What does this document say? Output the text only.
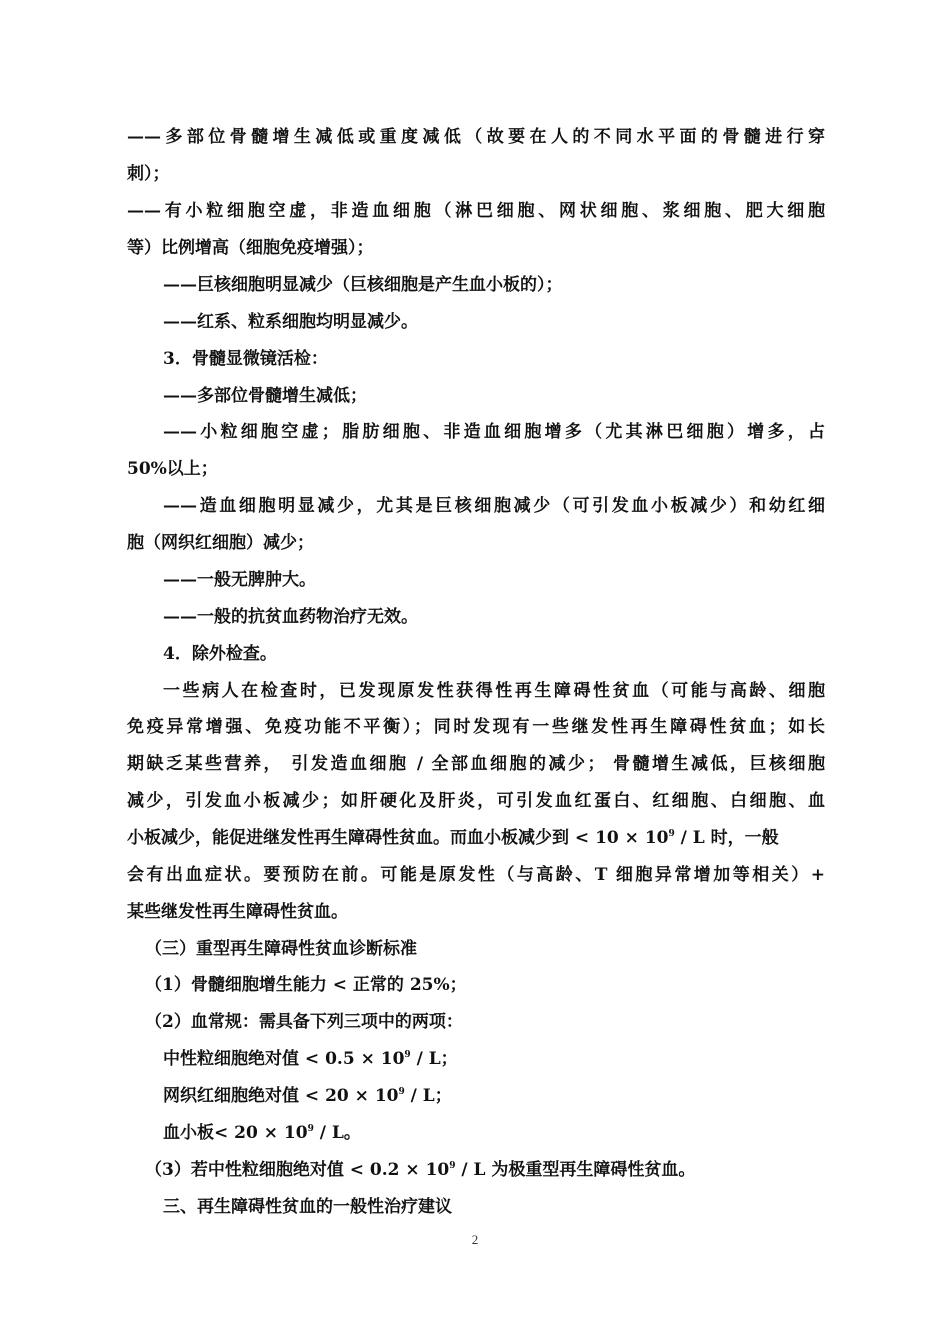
——多部位骨髓增生减低或重度减低（故要在人的不同水平面的骨髓进行穿
刺）；
——有小粒细胞空虚，非造血细胞（淋巴细胞、网状细胞、浆细胞、肥大细胞
等）比例增高（细胞免疫增强）；
——巨核细胞明显减少（巨核细胞是产生血小板的）；
——红系、粒系细胞均明显减少。
3．骨髓显微镜活检：
——多部位骨髓增生减低；
——小粒细胞空虚；脂肪细胞、非造血细胞增多（尤其淋巴细胞）增多，占
50%以上；
——造血细胞明显减少，尤其是巨核细胞减少（可引发血小板减少）和幼红细
胞（网织红细胞）减少；
——一般无脾肿大。
——一般的抗贫血药物治疗无效。
4．除外检查。
一些病人在检查时，已发现原发性获得性再生障碍性贫血（可能与高龄、细胞
免疫异常增强、免疫功能不平衡）；同时发现有一些继发性再生障碍性贫血；如长
期缺乏某些营养， 引发造血细胞 / 全部血细胞的减少； 骨髓增生减低，巨核细胞
减少，引发血小板减少；如肝硬化及肝炎，可引发血红蛋白、红细胞、白细胞、血
小板减少，能促进继发性再生障碍性贫血。而血小板减少到 < $10 \times 10^9 / L$ 时，一般
会有出血症状。要预防在前。可能是原发性（与高龄、T 细胞异常增加等相关）+
某些继发性再生障碍性贫血。
（三）重型再生障碍性贫血诊断标准
（1）骨髓细胞增生能力 < 正常的 25%；
（2）血常规：需具备下列三项中的两项：
中性粒细胞绝对值 < $0.5 \times 10^9 / L$；
网织红细胞绝对值 < $20 \times 10^9 / L$；
血小板< $20 \times 10^9 / L$。
（3）若中性粒细胞绝对值 < $0.2 \times 10^9 / L$ 为极重型再生障碍性贫血。
三、再生障碍性贫血的一般性治疗建议
2
